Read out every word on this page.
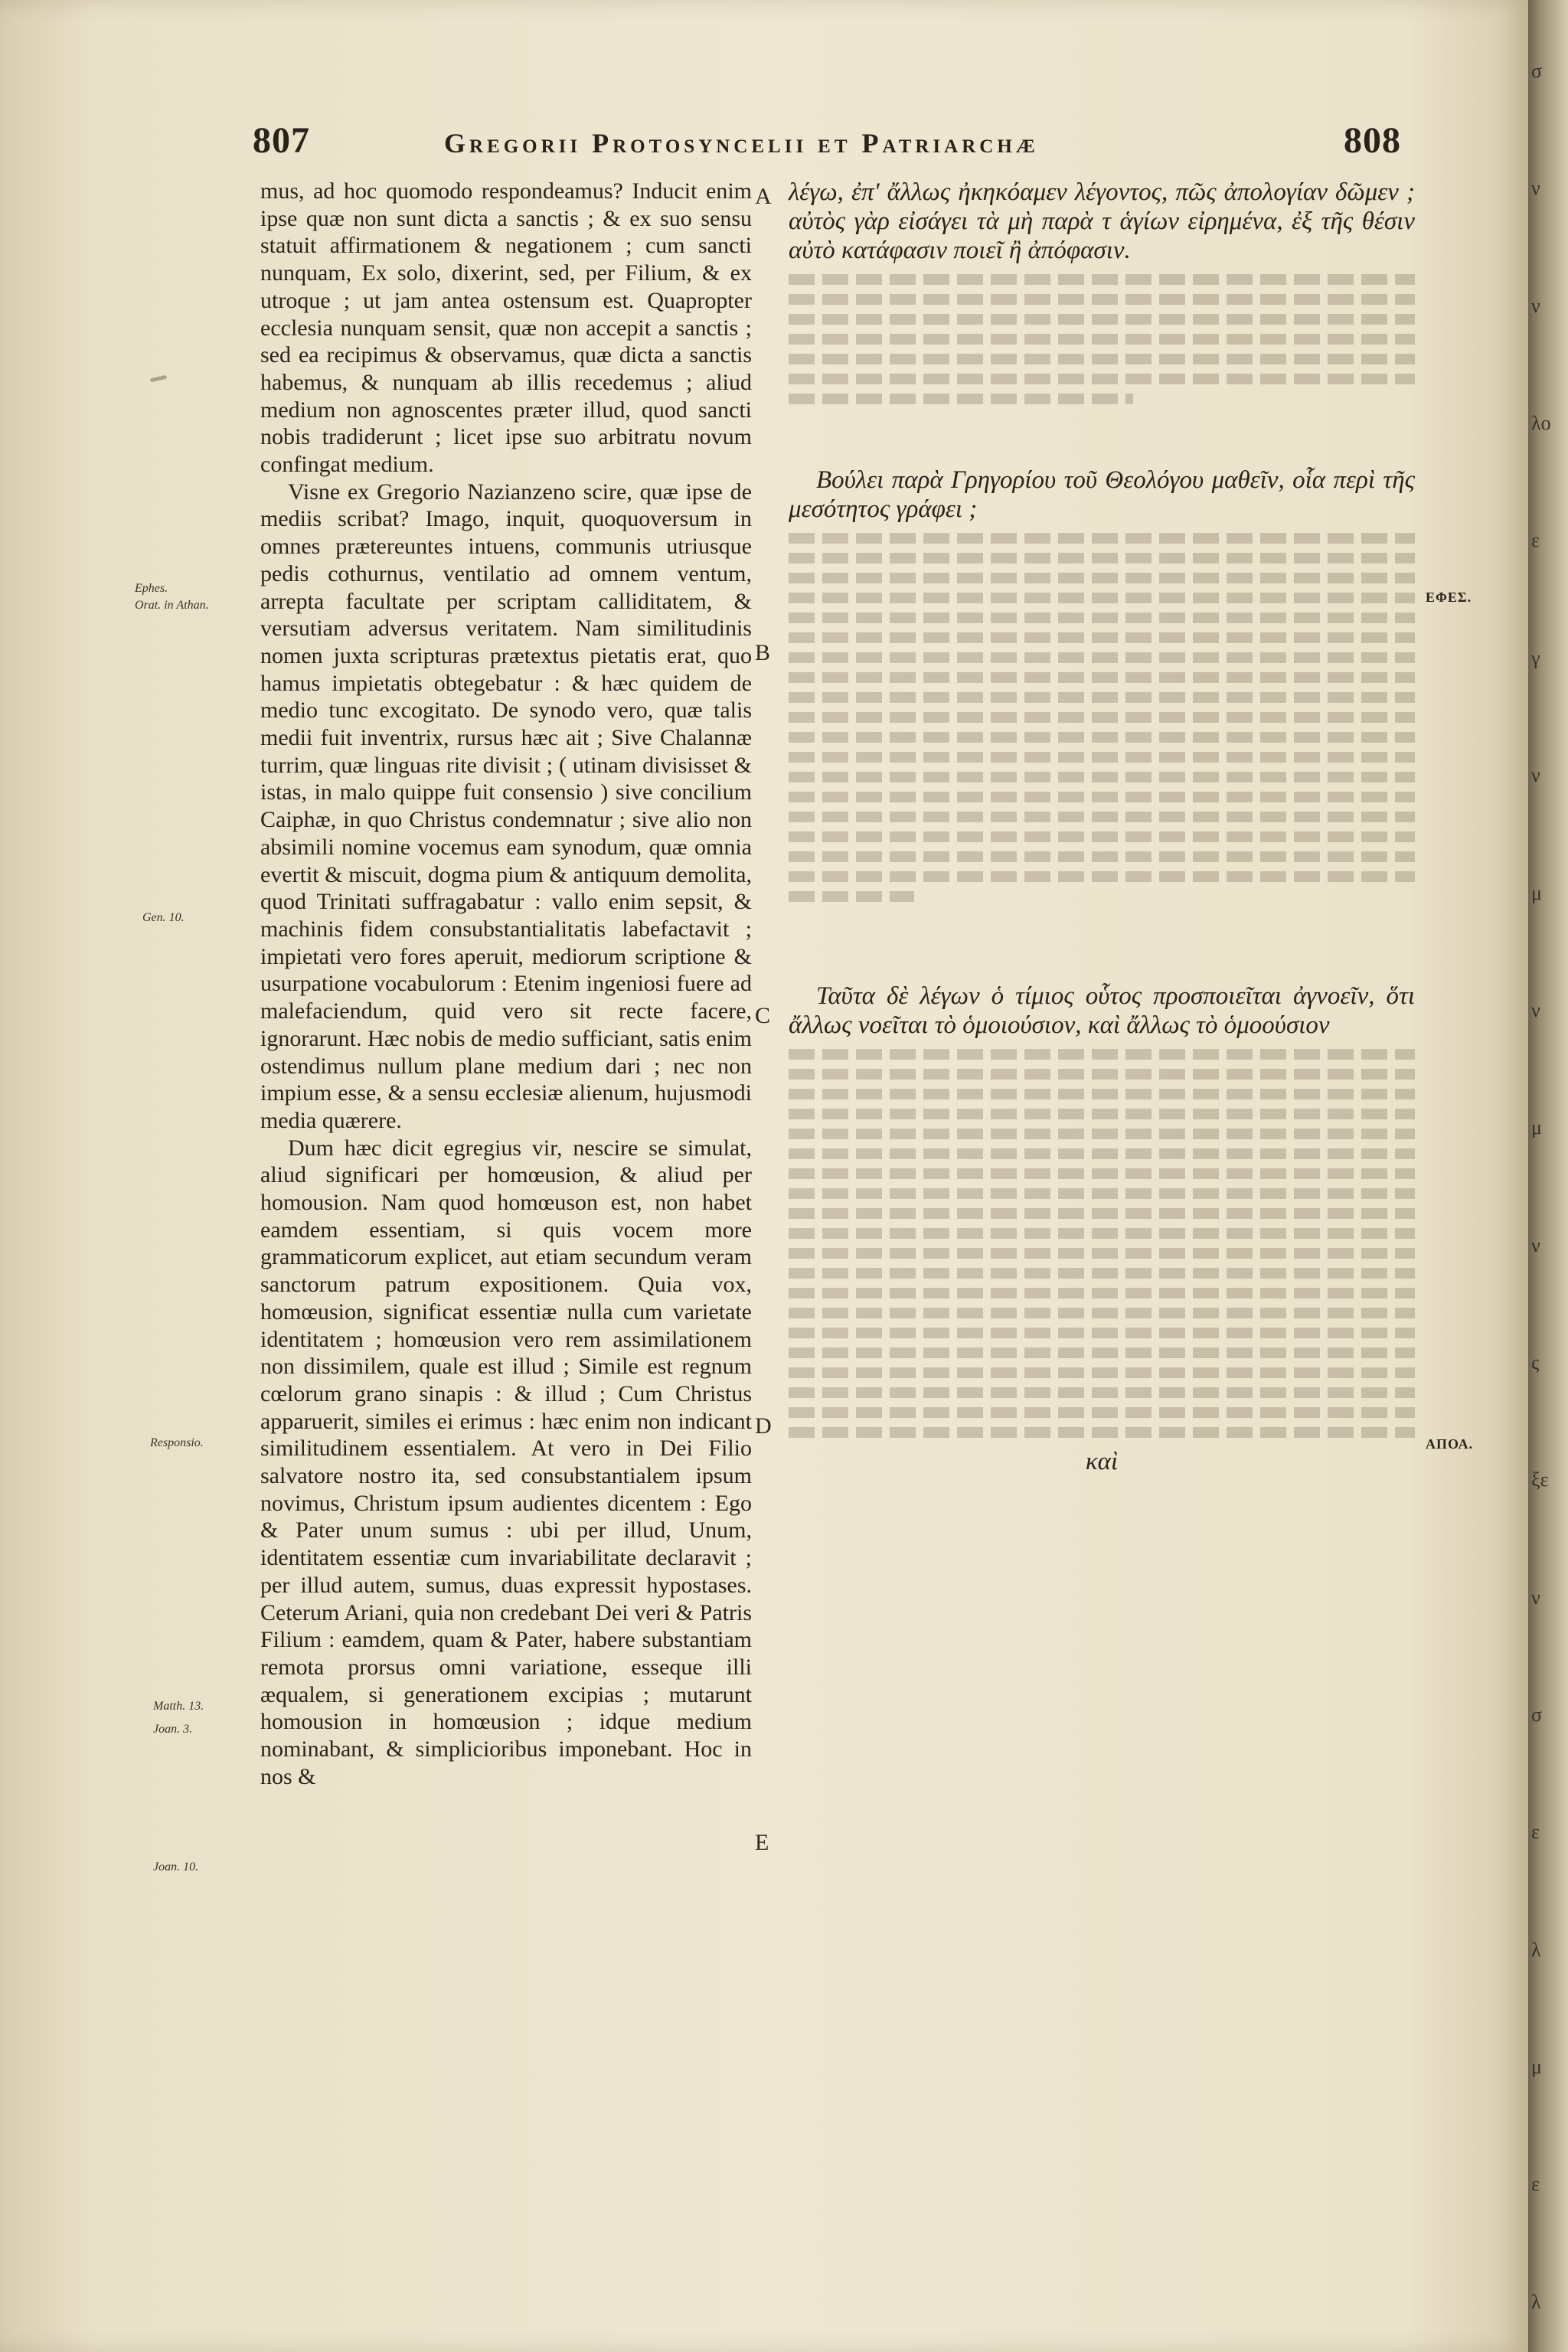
807	Gregorii Protosyncelii et Patriarchæ	808
Ephes.
Orat. in Athan.
Gen. 10.
Responsio.
Matth. 13.
Joan. 3.
Joan. 10.
A
B
C
D
E

mus, ad hoc quomodo respondeamus? Inducit enim ipse quæ non sunt dicta a sanctis ; & ex suo sensu statuit affirmationem & negationem ; cum sancti nunquam, Ex solo, dixerint, sed, per Filium, & ex utroque ; ut jam antea ostensum est. Quapropter ecclesia nunquam sensit, quæ non accepit a sanctis ; sed ea recipimus & observamus, quæ dicta a sanctis habemus, & nunquam ab illis recedemus ; aliud medium non agnoscentes præter illud, quod sancti nobis tradiderunt ; licet ipse suo arbitratu novum confingat medium.

Visne ex Gregorio Nazianzeno scire, quæ ipse de mediis scribat? Imago, inquit, quoquoversum in omnes prætereuntes intuens, communis utriusque pedis cothurnus, ventilatio ad omnem ventum, arrepta facultate per scriptam calliditatem, & versutiam adversus veritatem. Nam similitudinis nomen juxta scripturas prætextus pietatis erat, quo hamus impietatis obtegebatur : & hæc quidem de medio tunc excogitato. De synodo vero, quæ talis medii fuit inventrix, rursus hæc ait ; Sive Chalannæ turrim, quæ linguas rite divisit ; ( utinam divisisset & istas, in malo quippe fuit consensio ) sive concilium Caiphæ, in quo Christus condemnatur ; sive alio non absimili nomine vocemus eam synodum, quæ omnia evertit & miscuit, dogma pium & antiquum demolita, quod Trinitati suffragabatur : vallo enim sepsit, & machinis fidem consubstantialitatis labefactavit ; impietati vero fores aperuit, mediorum scriptione & usurpatione vocabulorum : Etenim ingeniosi fuere ad malefaciendum, quid vero sit recte facere, ignorarunt. Hæc nobis de medio sufficiant, satis enim ostendimus nullum plane medium dari ; nec non impium esse, & a sensu ecclesiæ alienum, hujusmodi media quærere.

Dum hæc dicit egregius vir, nescire se simulat, aliud significari per homœusion, & aliud per homousion. Nam quod homœuson est, non habet eamdem essentiam, si quis vocem more grammaticorum explicet, aut etiam secundum veram sanctorum patrum expositionem. Quia vox, homœusion, significat essentiæ nulla cum varietate identitatem ; homœusion vero rem assimilationem non dissimilem, quale est illud ; Simile est regnum cœlorum grano sinapis : & illud ; Cum Christus apparuerit, similes ei erimus : hæc enim non indicant similitudinem essentialem. At vero in Dei Filio salvatore nostro ita, sed consubstantialem ipsum novimus, Christum ipsum audientes dicentem : Ego & Pater unum sumus : ubi per illud, Unum, identitatem essentiæ cum invariabilitate declaravit ; per illud autem, sumus, duas expressit hypostases. Ceterum Ariani, quia non credebant Dei veri & Patris Filium : eamdem, quam & Pater, habere substantiam remota prorsus omni variatione, esseque illi æqualem, si generationem excipias ; mutarunt homousion in homœusion ; idque medium nominabant, & simplicioribus imponebant. Hoc in nos &

λέγω, ἐπ' ἄλλως ἠκηκόαμεν λέγοντος, πῶς ἀπολογίαν δῶμεν ; αὐτὸς γὰρ εἰσάγει τὰ μὴ παρὰ τ ἁγίων εἰρημένα, ἐξ τῆς θέσιν αὐτὸ κατάφασιν ποιεῖ ἢ ἀπόφασιν.

Βούλει παρὰ Γρηγορίου τοῦ Θεολόγου μαθεῖν, οἷα περὶ τῆς μεσότητος γράφει ;

Ταῦτα δὲ λέγων ὁ τίμιος οὗτος προσποιεῖται ἀγνοεῖν, ὅτι ἄλλως νοεῖται τὸ ὁμοιούσιον, καὶ ἄλλως τὸ ὁμοούσιον

καὶ
ΕΦΕΣ.
ΑΠΟΑ.
σ
ν
ν
λο
ε
γ
ν
μ
ν
μ
ν
ς
ξε
ν
σ
ε
λ
μ
ε
λ
